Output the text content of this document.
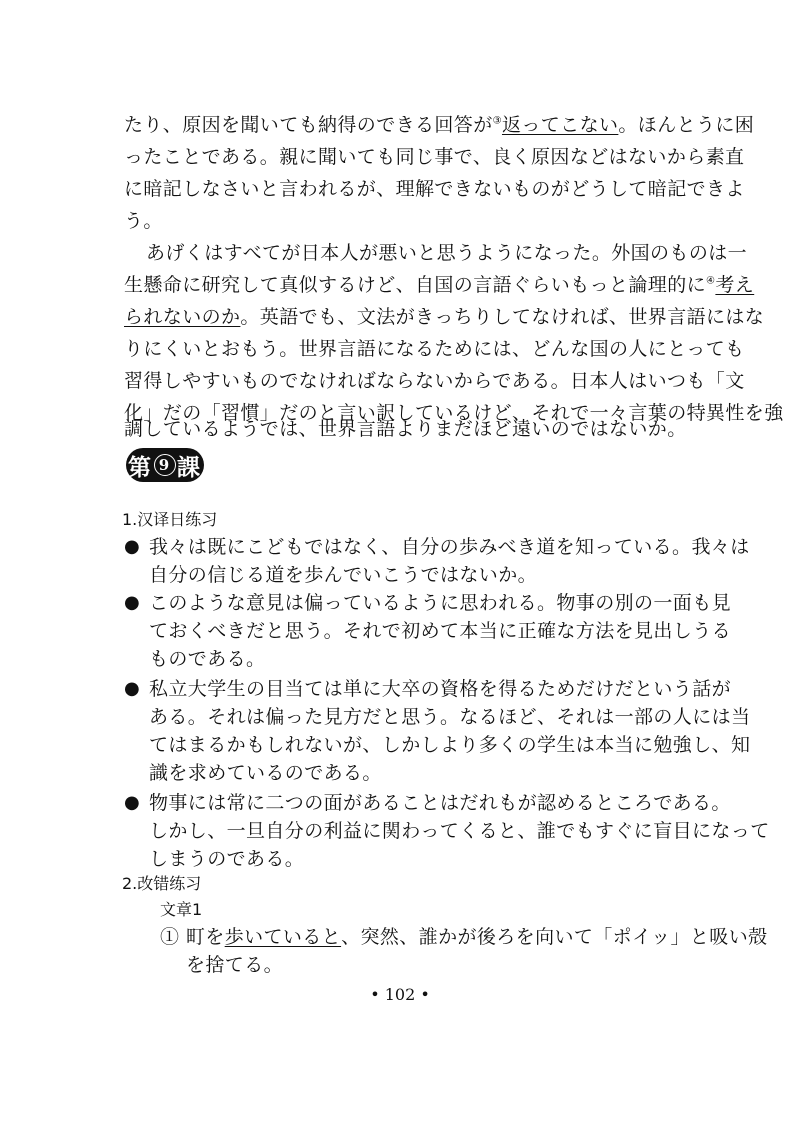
たり、原因を聞いても納得のできる回答が③返ってこない。ほんとうに困
ったことである。親に聞いても同じ事で、良く原因などはないから素直
に暗記しなさいと言われるが、理解できないものがどうして暗記できよ
う。
あげくはすべてが日本人が悪いと思うようになった。外国のものは一
生懸命に研究して真似するけど、自国の言語ぐらいもっと論理的に④考え
られないのか。英語でも、文法がきっちりしてなければ、世界言語にはな
りにくいとおもう。世界言語になるためには、どんな国の人にとっても
習得しやすいものでなければならないからである。日本人はいつも「文
化」だの「習慣」だのと言い訳しているけど、それで一々言葉の特異性を強
調しているようでは、世界言語よりまだほど遠いのではないか。
第 9 課
1.汉译日练习
● 我々は既にこどもではなく、自分の歩みべき道を知っている。我々は
自分の信じる道を歩んでいこうではないか。
● このような意見は偏っているように思われる。物事の別の一面も見
ておくべきだと思う。それで初めて本当に正確な方法を見出しうる
ものである。
● 私立大学生の目当ては単に大卒の資格を得るためだけだという話が
ある。それは偏った見方だと思う。なるほど、それは一部の人には当
てはまるかもしれないが、しかしより多くの学生は本当に勉強し、知
識を求めているのである。
● 物事には常に二つの面があることはだれもが認めるところである。
しかし、一旦自分の利益に関わってくると、誰でもすぐに盲目になって
しまうのである。
2.改错练习
文章1
① 町を歩いていると、突然、誰かが後ろを向いて「ポイッ」と吸い殻
• 102 •
を捨てる。
